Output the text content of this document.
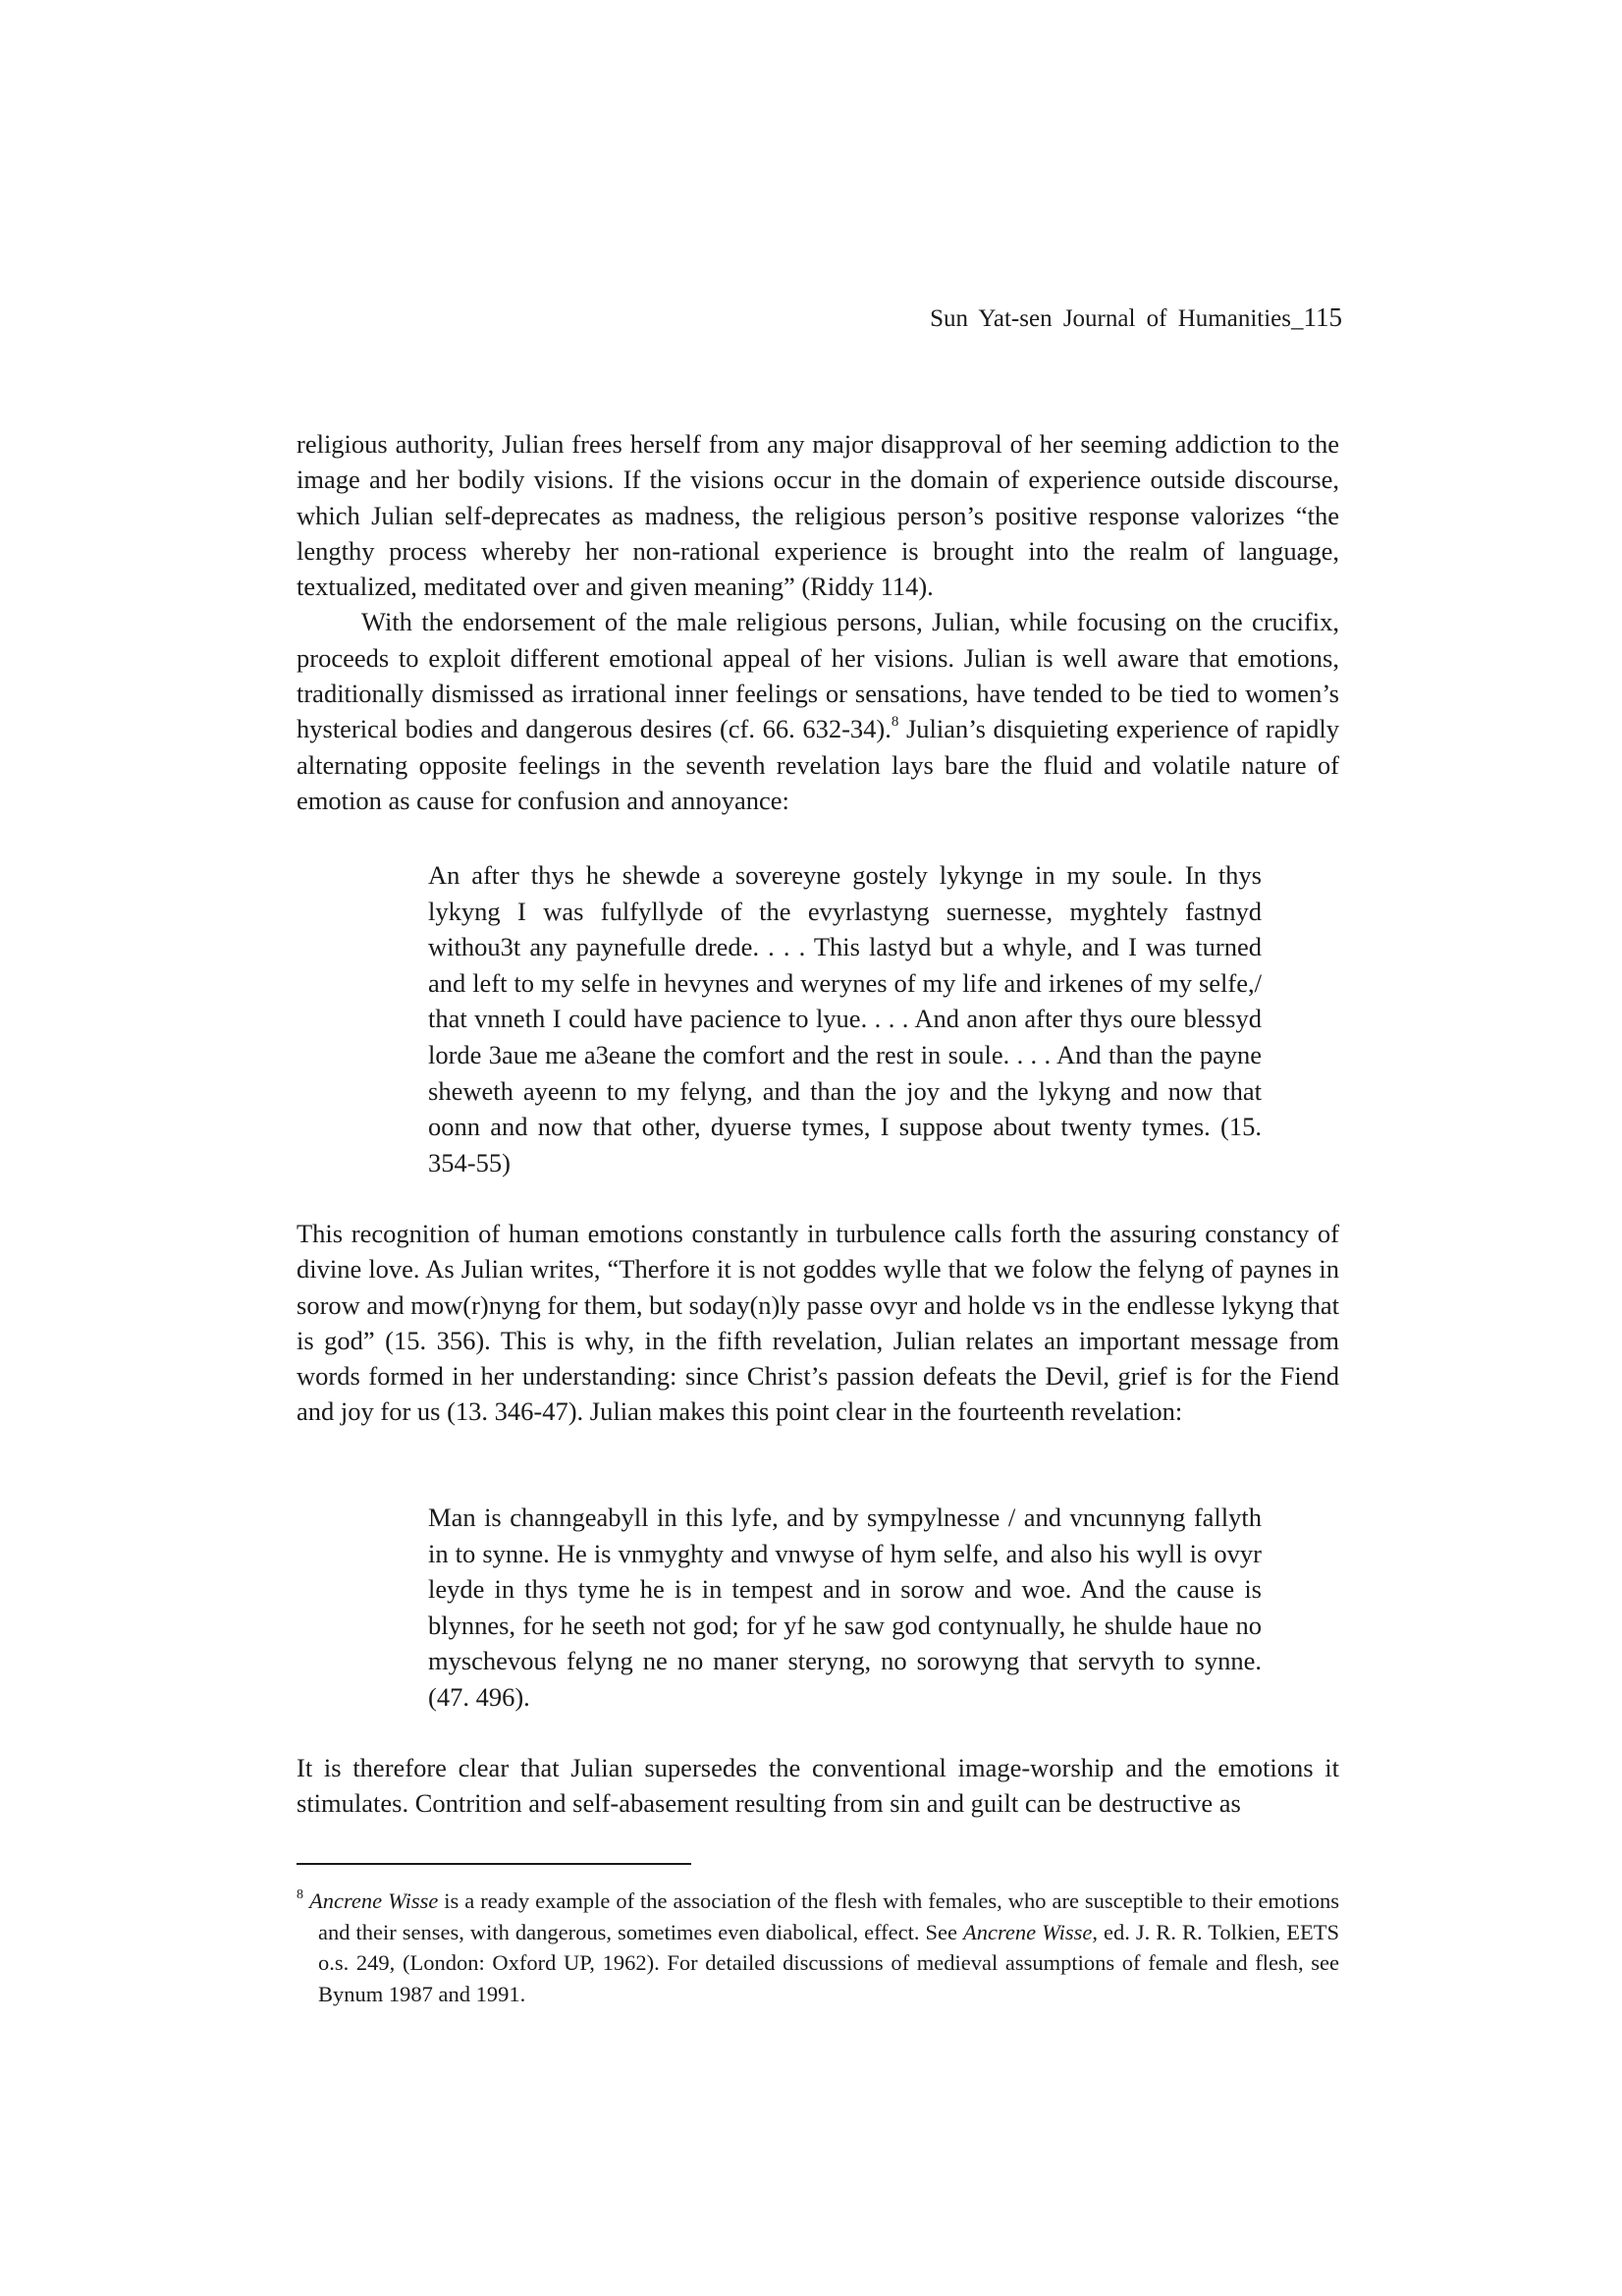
Sun Yat-sen Journal of Humanities_115

religious authority, Julian frees herself from any major disapproval of her seeming addiction to the image and her bodily visions. If the visions occur in the domain of experience outside discourse, which Julian self-deprecates as madness, the religious person’s positive response valorizes “the lengthy process whereby her non-rational experience is brought into the realm of language, textualized, meditated over and given meaning” (Riddy 114).

With the endorsement of the male religious persons, Julian, while focusing on the crucifix, proceeds to exploit different emotional appeal of her visions. Julian is well aware that emotions, traditionally dismissed as irrational inner feelings or sensations, have tended to be tied to women’s hysterical bodies and dangerous desires (cf. 66. 632-34).$^8$ Julian’s disquieting experience of rapidly alternating opposite feelings in the seventh revelation lays bare the fluid and volatile nature of emotion as cause for confusion and annoyance:

An after thys he shewde a sovereyne gostely lykynge in my soule. In thys lykyng I was fulfyllyde of the evyrlastyng suernesse, myghtely fastnyd withou3t any paynefulle drede. . . . This lastyd but a whyle, and I was turned and left to my selfe in hevynes and werynes of my life and irkenes of my selfe,/ that vnneth I could have pacience to lyue. . . . And anon after thys oure blessyd lorde 3aue me a3eane the comfort and the rest in soule. . . . And than the payne sheweth ayeenn to my felyng, and than the joy and the lykyng and now that oonn and now that other, dyuerse tymes, I suppose about twenty tymes. (15. 354-55)

This recognition of human emotions constantly in turbulence calls forth the assuring constancy of divine love. As Julian writes, “Therfore it is not goddes wylle that we folow the felyng of paynes in sorow and mow(r)nyng for them, but soday(n)ly passe ovyr and holde vs in the endlesse lykyng that is god” (15. 356). This is why, in the fifth revelation, Julian relates an important message from words formed in her understanding: since Christ’s passion defeats the Devil, grief is for the Fiend and joy for us (13. 346-47). Julian makes this point clear in the fourteenth revelation:

Man is channgeabyll in this lyfe, and by sympylnesse / and vncunnyng fallyth in to synne. He is vnmyghty and vnwyse of hym selfe, and also his wyll is ovyr leyde in thys tyme he is in tempest and in sorow and woe. And the cause is blynnes, for he seeth not god; for yf he saw god contynually, he shulde haue no myschevous felyng ne no maner steryng, no sorowyng that servyth to synne. (47. 496).

It is therefore clear that Julian supersedes the conventional image-worship and the emotions it stimulates. Contrition and self-abasement resulting from sin and guilt can be destructive as

$^8$ Ancrene Wisse is a ready example of the association of the flesh with females, who are susceptible to their emotions and their senses, with dangerous, sometimes even diabolical, effect. See Ancrene Wisse, ed. J. R. R. Tolkien, EETS o.s. 249, (London: Oxford UP, 1962). For detailed discussions of medieval assumptions of female and flesh, see Bynum 1987 and 1991.
